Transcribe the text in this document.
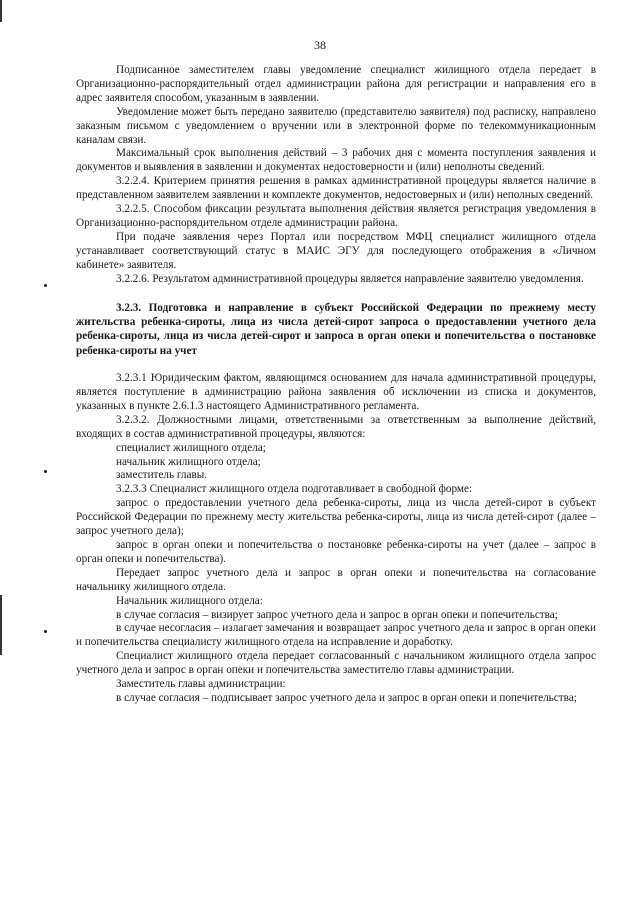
38

Подписанное заместителем главы уведомление специалист жилищного отдела передает в Организационно-распорядительный отдел администрации района для регистрации и направления его в адрес заявителя способом, указанным в заявлении.

Уведомление может быть передано заявителю (представителю заявителя) под расписку, направлено заказным письмом с уведомлением о вручении или в электронной форме по телекоммуникационным каналам связи.

Максимальный срок выполнения действий – 3 рабочих дня с момента поступления заявления и документов и выявления в заявлении и документах недостоверности и (или) неполноты сведений.

3.2.2.4. Критерием принятия решения в рамках административной процедуры является наличие в представленном заявителем заявлении и комплекте документов, недостоверных и (или) неполных сведений.

3.2.2.5. Способом фиксации результата выполнения действия является регистрация уведомления в Организационно-распорядительном отделе администрации района.

При подаче заявления через Портал или посредством МФЦ специалист жилищного отдела устанавливает соответствующий статус в МАИС ЭГУ для последующего отображения в «Личном кабинете» заявителя.

3.2.2.6. Результатом административной процедуры является направление заявителю уведомления.

3.2.3. Подготовка и направление в субъект Российской Федерации по прежнему месту жительства ребенка-сироты, лица из числа детей-сирот запроса о предоставлении учетного дела ребенка-сироты, лица из числа детей-сирот и запроса в орган опеки и попечительства о постановке ребенка-сироты на учет

3.2.3.1 Юридическим фактом, являющимся основанием для начала административной процедуры, является поступление в администрацию района заявления об исключении из списка и документов, указанных в пункте 2.6.1.3 настоящего Административного регламента.

3.2.3.2. Должностными лицами, ответственными за ответственным за выполнение действий, входящих в состав административной процедуры, являются:

специалист жилищного отдела;

начальник жилищного отдела;

заместитель главы.

3.2.3.3 Специалист жилищного отдела подготавливает в свободной форме:

запрос о предоставлении учетного дела ребенка-сироты, лица из числа детей-сирот в субъект Российской Федерации по прежнему месту жительства ребенка-сироты, лица из числа детей-сирот (далее – запрос учетного дела);

запрос в орган опеки и попечительства о постановке ребенка-сироты на учет (далее – запрос в орган опеки и попечительства).

Передает запрос учетного дела и запрос в орган опеки и попечительства на согласование начальнику жилищного отдела.

Начальник жилищного отдела:

в случае согласия – визирует запрос учетного дела и запрос в орган опеки и попечительства;

в случае несогласия – излагает замечания и возвращает запрос учетного дела и запрос в орган опеки и попечительства специалисту жилищного отдела на исправление и доработку.

Специалист жилищного отдела передает согласованный с начальником жилищного отдела запрос учетного дела и запрос в орган опеки и попечительства заместителю главы администрации.

Заместитель главы администрации:

в случае согласия – подписывает запрос учетного дела и запрос в орган опеки и попечительства;
